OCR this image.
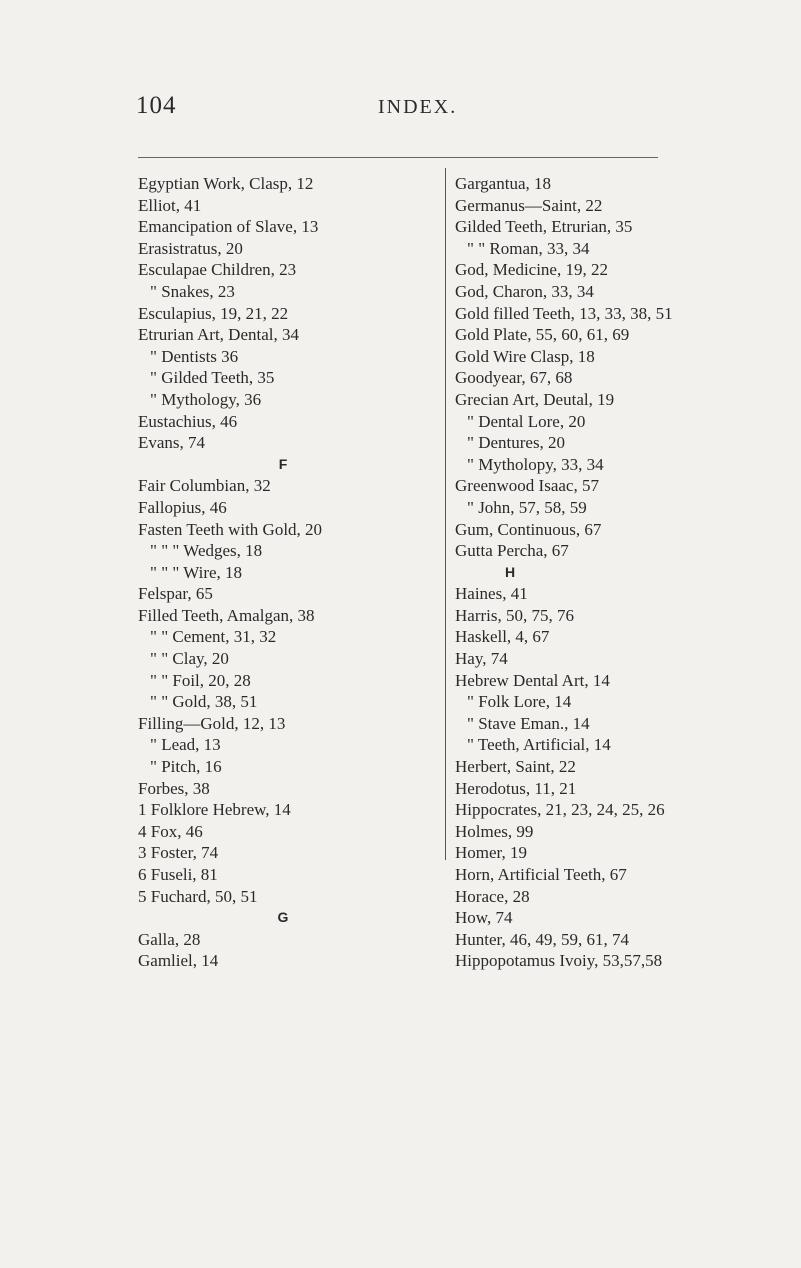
104	INDEX.
Egyptian Work, Clasp, 12
Elliot, 41
Emancipation of Slave, 13
Erasistratus, 20
Esculapae Children, 23
" Snakes, 23
Esculapius, 19, 21, 22
Etrurian Art, Dental, 34
" Dentists 36
" Gilded Teeth, 35
" Mythology, 36
Eustachius, 46
Evans, 74
F
Fair Columbian, 32
Fallopius, 46
Fasten Teeth with Gold, 20
" " " Wedges, 18
" " " Wire, 18
Felspar, 65
Filled Teeth, Amalgan, 38
" " Cement, 31, 32
" " Clay, 20
" " Foil, 20, 28
" " Gold, 38, 51
Filling—Gold, 12, 13
" Lead, 13
" Pitch, 16
Forbes, 38
1 Folklore Hebrew, 14
4 Fox, 46
3 Foster, 74
6 Fuseli, 81
5 Fuchard, 50, 51
G
Galla, 28
Gamliel, 14
Gargantua, 18
Germanus—Saint, 22
Gilded Teeth, Etrurian, 35
" " Roman, 33, 34
God, Medicine, 19, 22
God, Charon, 33, 34
Gold filled Teeth, 13, 33, 38, 51
Gold Plate, 55, 60, 61, 69
Gold Wire Clasp, 18
Goodyear, 67, 68
Grecian Art, Deutal, 19
" Dental Lore, 20
" Dentures, 20
" Mytholopy, 33, 34
Greenwood Isaac, 57
" John, 57, 58, 59
Gum, Continuous, 67
Gutta Percha, 67
H
Haines, 41
Harris, 50, 75, 76
Haskell, 4, 67
Hay, 74
Hebrew Dental Art, 14
" Folk Lore, 14
" Stave Eman., 14
" Teeth, Artificial, 14
Herbert, Saint, 22
Herodotus, 11, 21
Hippocrates, 21, 23, 24, 25, 26
Holmes, 99
Homer, 19
Horn, Artificial Teeth, 67
Horace, 28
How, 74
Hunter, 46, 49, 59, 61, 74
Hippopotamus Ivoiy, 53,57,58
